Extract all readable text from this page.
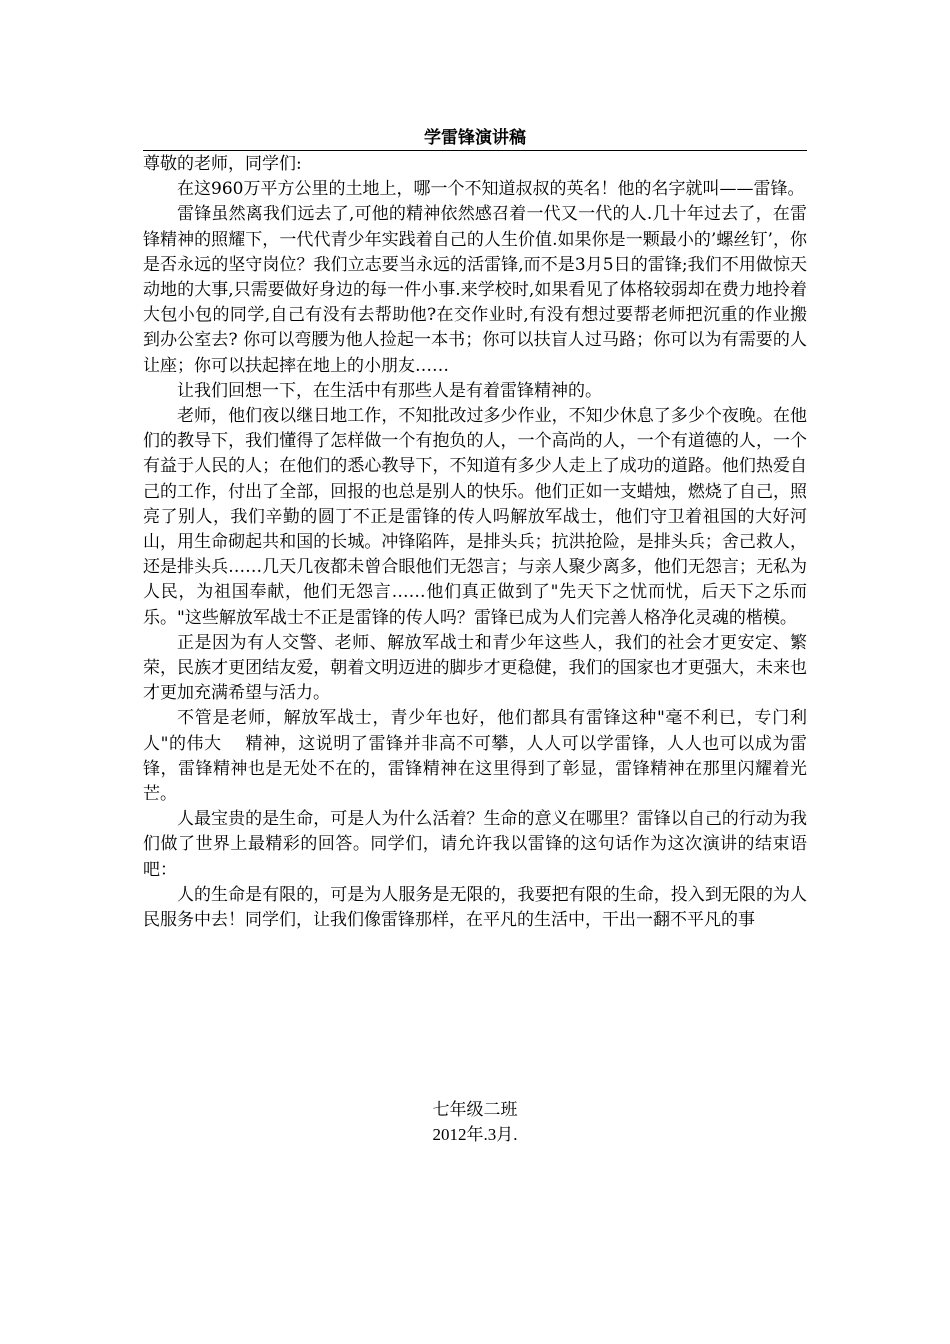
学雷锋演讲稿

尊敬的老师，同学们:

在这960万平方公里的土地上，哪一个不知道叔叔的英名！他的名字就叫——雷锋。

雷锋虽然离我们远去了,可他的精神依然感召着一代又一代的人.几十年过去了，在雷锋精神的照耀下，一代代青少年实践着自己的人生价值.如果你是一颗最小的’螺丝钉’，你是否永远的坚守岗位？我们立志要当永远的活雷锋,而不是3月5日的雷锋;我们不用做惊天动地的大事,只需要做好身边的每一件小事.来学校时,如果看见了体格较弱却在费力地拎着大包小包的同学,自己有没有去帮助他?在交作业时,有没有想过要帮老师把沉重的作业搬到办公室去? 你可以弯腰为他人捡起一本书；你可以扶盲人过马路；你可以为有需要的人让座；你可以扶起摔在地上的小朋友……

让我们回想一下，在生活中有那些人是有着雷锋精神的。

老师，他们夜以继日地工作，不知批改过多少作业，不知少休息了多少个夜晚。在他们的教导下，我们懂得了怎样做一个有抱负的人，一个高尚的人，一个有道德的人，一个有益于人民的人；在他们的悉心教导下，不知道有多少人走上了成功的道路。他们热爱自己的工作，付出了全部，回报的也总是别人的快乐。他们正如一支蜡烛，燃烧了自己，照亮了别人，我们辛勤的圆丁不正是雷锋的传人吗解放军战士，他们守卫着祖国的大好河山，用生命砌起共和国的长城。冲锋陷阵，是排头兵；抗洪抢险，是排头兵；舍己救人，还是排头兵……几天几夜都未曾合眼他们无怨言；与亲人聚少离多，他们无怨言；无私为人民，为祖国奉献，他们无怨言……他们真正做到了"先天下之忧而忧，后天下之乐而乐。"这些解放军战士不正是雷锋的传人吗？雷锋已成为人们完善人格净化灵魂的楷模。

正是因为有人交警、老师、解放军战士和青少年这些人，我们的社会才更安定、繁荣，民族才更团结友爱，朝着文明迈进的脚步才更稳健，我们的国家也才更强大，未来也才更加充满希望与活力。

不管是老师，解放军战士，青少年也好，他们都具有雷锋这种"毫不利已，专门利人"的伟大    精神，这说明了雷锋并非高不可攀，人人可以学雷锋，人人也可以成为雷锋，雷锋精神也是无处不在的，雷锋精神在这里得到了彰显，雷锋精神在那里闪耀着光芒。

人最宝贵的是生命，可是人为什么活着？生命的意义在哪里？雷锋以自己的行动为我们做了世界上最精彩的回答。同学们，请允许我以雷锋的这句话作为这次演讲的结束语吧：

人的生命是有限的，可是为人服务是无限的，我要把有限的生命，投入到无限的为人民服务中去！同学们，让我们像雷锋那样，在平凡的生活中，干出一翻不平凡的事

七年级二班
2012年.3月.
